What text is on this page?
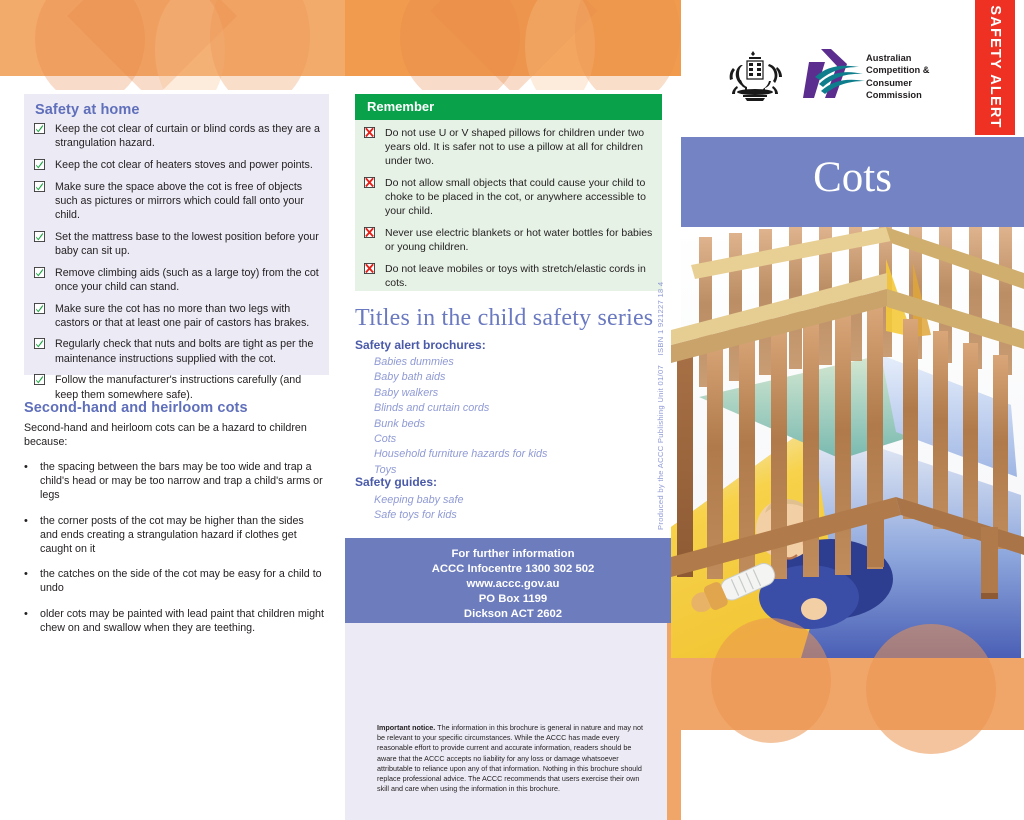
Safety at home
Keep the cot clear of curtain or blind cords as they are a strangulation hazard.
Keep the cot clear of heaters stoves and power points.
Make sure the space above the cot is free of objects such as pictures or mirrors which could fall onto your child.
Set the mattress base to the lowest position before your baby can sit up.
Remove climbing aids (such as a large toy) from the cot once your child can stand.
Make sure the cot has no more than two legs with castors or that at least one pair of castors has brakes.
Regularly check that nuts and bolts are tight as per the maintenance instructions supplied with the cot.
Follow the manufacturer's instructions carefully (and keep them somewhere safe).
Second-hand and heirloom cots
Second-hand and heirloom cots can be a hazard to children because:
•	the spacing between the bars may be too wide and trap a child's head or may be too narrow and trap a child's arms or legs
•	the corner posts of the cot may be higher than the sides and ends creating a strangulation hazard if clothes get caught on it
•	the catches on the side of the cot may be easy for a child to undo
•	older cots may be painted with lead paint that children might chew on and swallow when they are teething.
Remember
Do not use U or V shaped pillows for children under two years old. It is safer not to use a pillow at all for children under two.
Do not allow small objects that could cause your child to choke to be placed in the cot, or anywhere accessible to your child.
Never use electric blankets or hot water bottles for babies or young children.
Do not leave mobiles or toys with stretch/elastic cords in cots.
Titles in the child safety series
Safety alert brochures:
Babies dummies
Baby bath aids
Baby walkers
Blinds and curtain cords
Bunk beds
Cots
Household furniture hazards for kids
Toys
Safety guides:
Keeping baby safe
Safe toys for kids
For further information
ACCC Infocentre 1300 302 502
www.accc.gov.au
PO Box 1199
Dickson ACT 2602
Important notice. The information in this brochure is general in nature and may not be relevant to your specific circumstances. While the ACCC has made every reasonable effort to provide current and accurate information, readers should be aware that the ACCC accepts no liability for any loss or damage whatsoever attributable to reliance upon any of that information. Nothing in this brochure should replace professional advice. The ACCC recommends that users exercise their own skill and care when using the information in this brochure.
Produced by the ACCC Publishing Unit 01/07    ISBN 1 921227 18 4
Australian
Competition &
Consumer
Commission	SAFETY ALERT
Cots
